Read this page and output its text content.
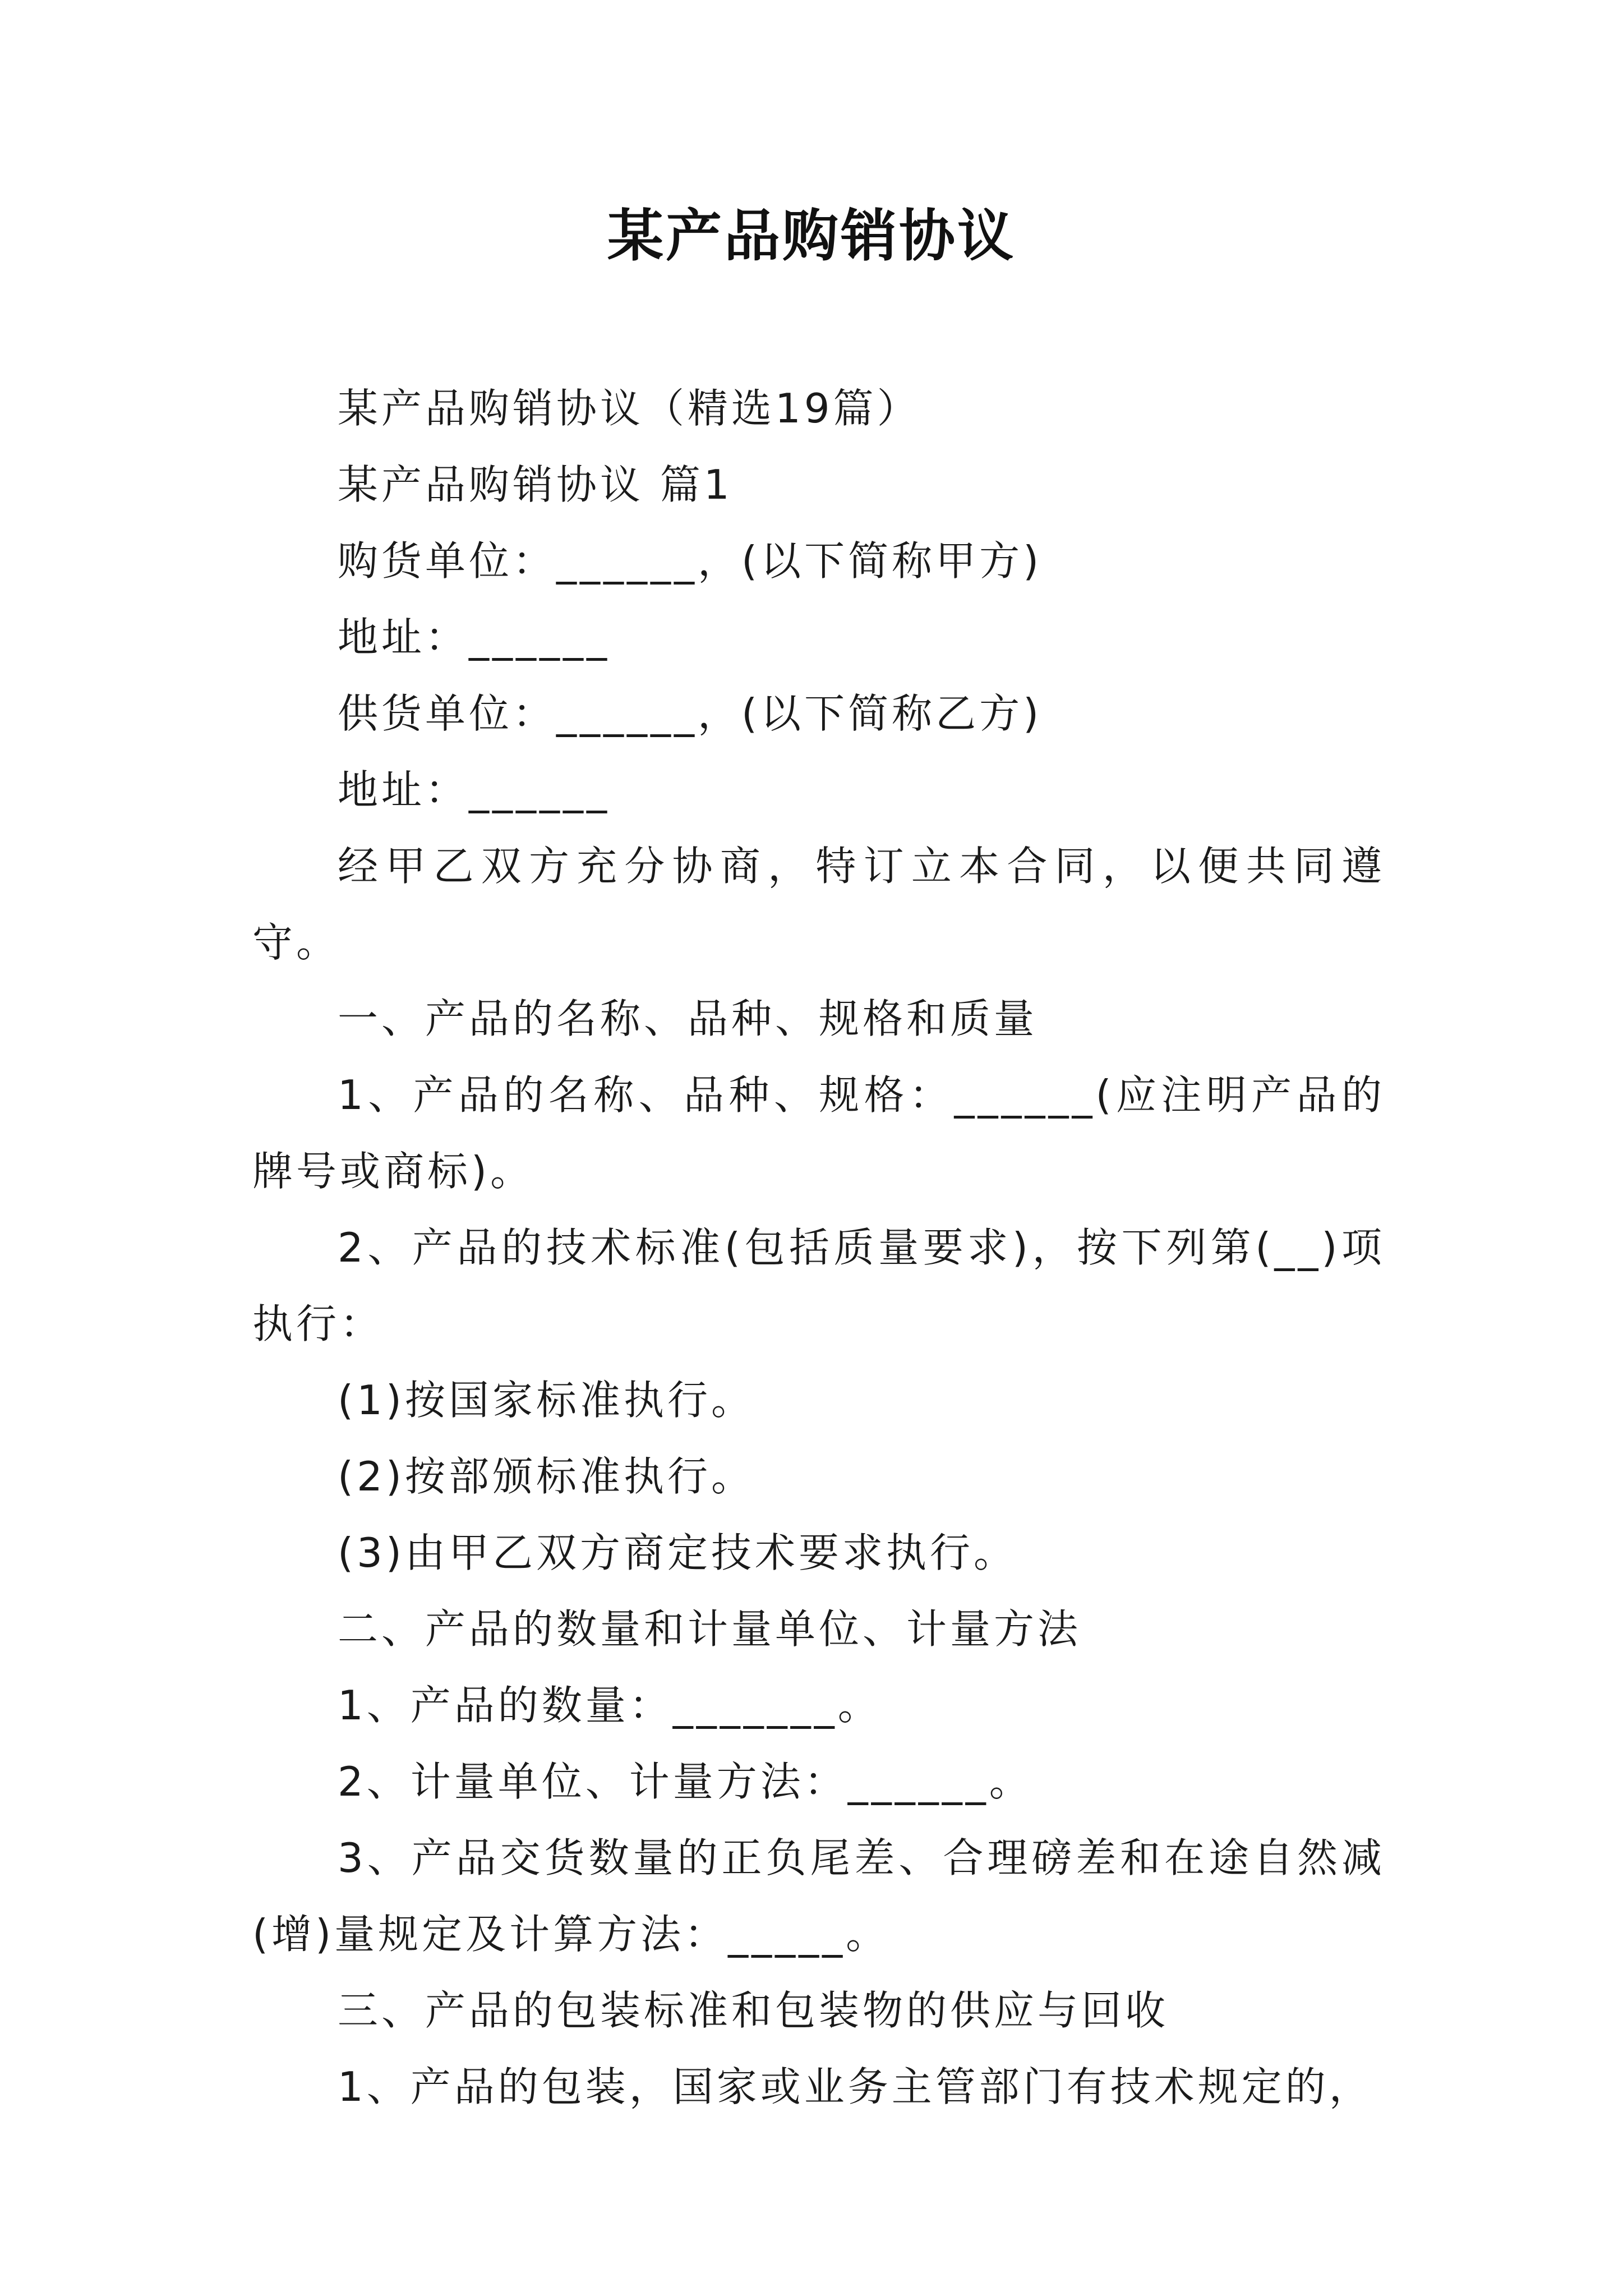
某产品购销协议

某产品购销协议（精选19篇）

某产品购销协议 篇1

购货单位：______，(以下简称甲方)

地址：______

供货单位：______，(以下简称乙方)

地址：______

经甲乙双方充分协商，特订立本合同，以便共同遵守。

一、产品的名称、品种、规格和质量

1、产品的名称、品种、规格：______(应注明产品的牌号或商标)。

2、产品的技术标准(包括质量要求)，按下列第(__)项执行：

(1)按国家标准执行。

(2)按部颁标准执行。

(3)由甲乙双方商定技术要求执行。

二、产品的数量和计量单位、计量方法

1、产品的数量：_______。

2、计量单位、计量方法：______。

3、产品交货数量的正负尾差、合理磅差和在途自然减(增)量规定及计算方法：_____。

三、产品的包装标准和包装物的供应与回收

1、产品的包装，国家或业务主管部门有技术规定的，
